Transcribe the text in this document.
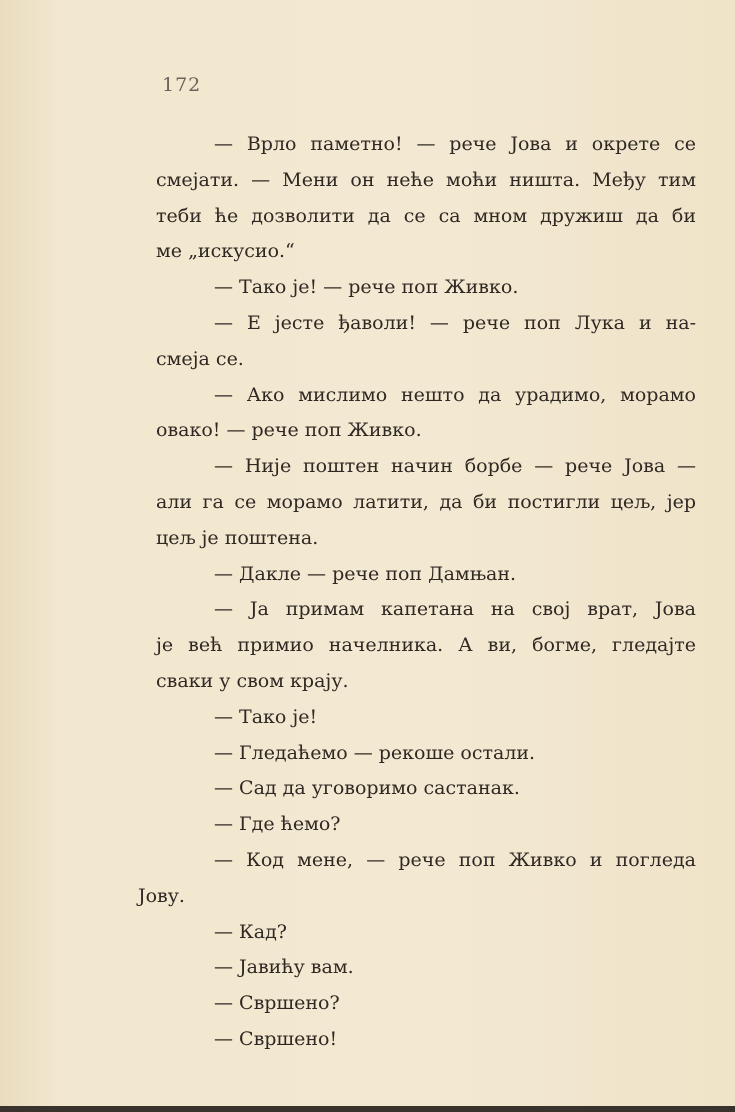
172
— Врло паметно! — рече Јова и окрете се
смејати. — Мени он неће моћи ништа. Међу тим
теби ће дозволити да се са мном дружиш да би
ме „искусио.“
— Тако је! — рече поп Живко.
— Е јесте ђаволи! — рече поп Лука и на-
смеја се.
— Ако мислимо нешто да урадимо, морамо
овако! — рече поп Живко.
— Није поштен начин борбе — рече Јова —
али га се морамо латити, да би постигли цељ, јер
цељ је поштена.
— Дакле — рече поп Дамњан.
— Ја примам капетана на свој врат, Јова
је већ примио начелника. А ви, богме, гледајте
сваки у свом крају.
— Тако је!
— Гледаћемо — рекоше остали.
— Сад да уговоримо састанак.
— Где ћемо?
— Код мене, — рече поп Живко и погледа
Јову.
— Кад?
— Јавићу вам.
— Свршено?
— Свршено!
